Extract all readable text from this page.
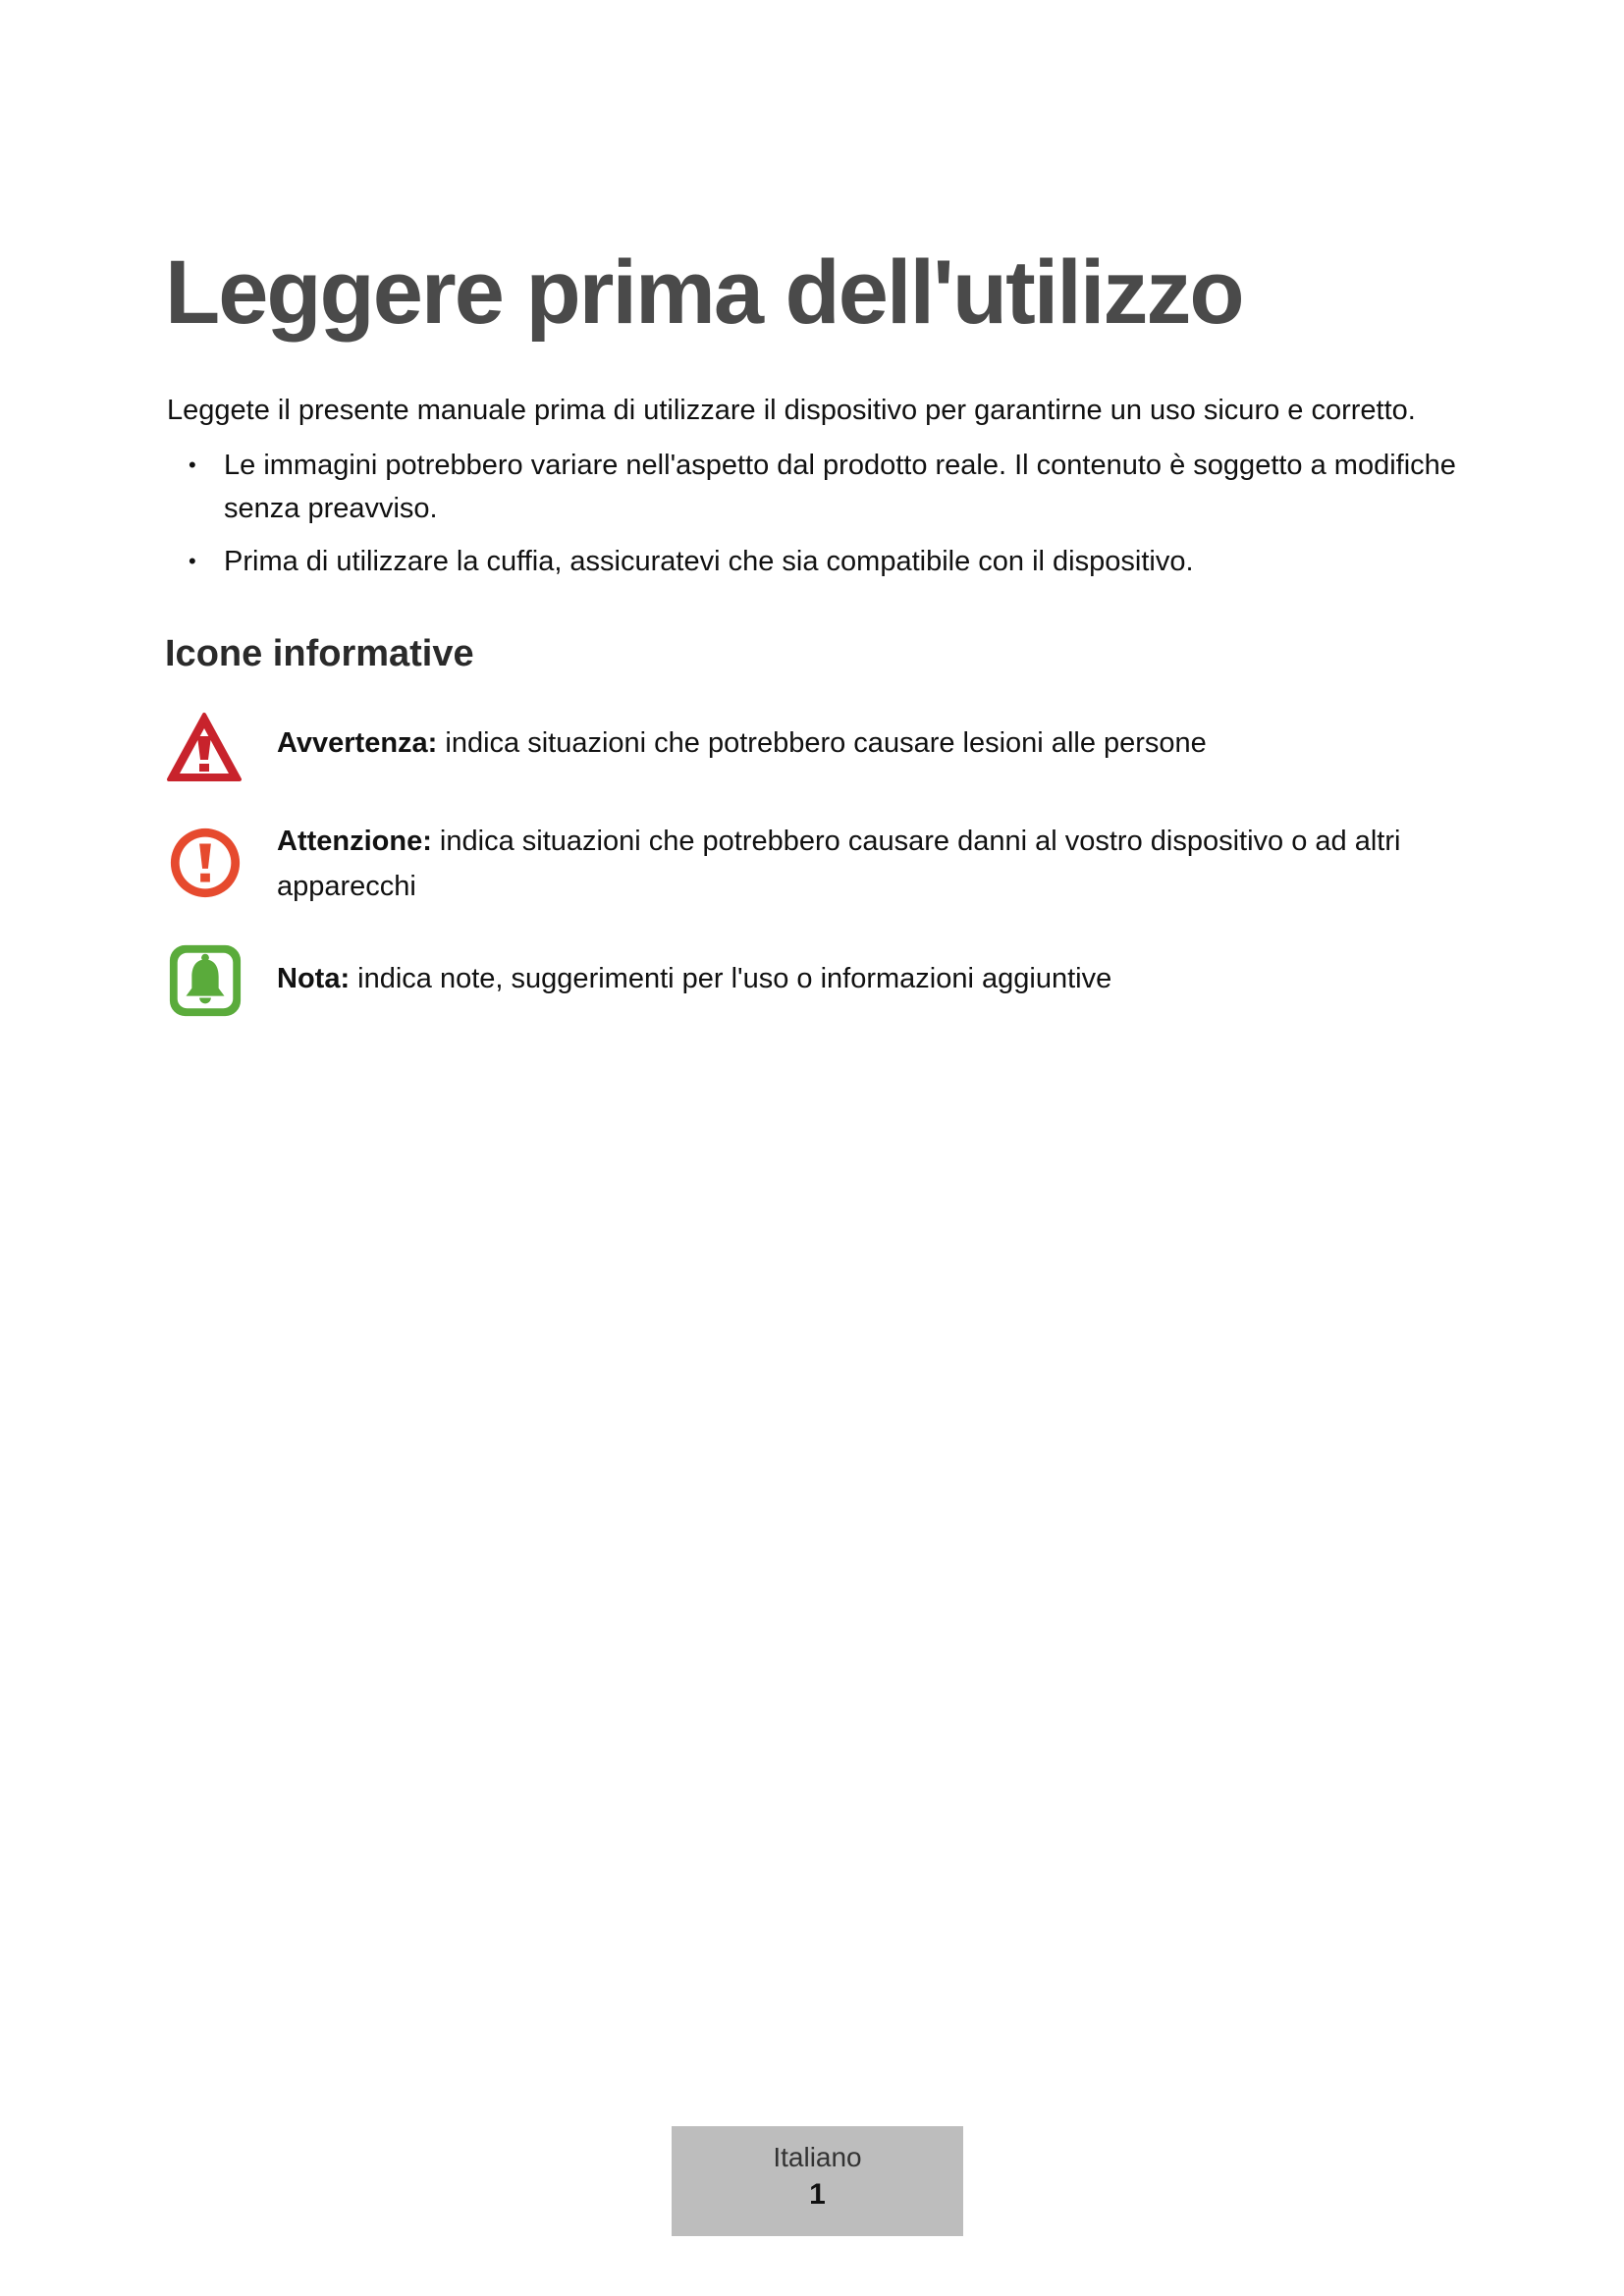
Leggere prima dell'utilizzo

Leggete il presente manuale prima di utilizzare il dispositivo per garantirne un uso sicuro e corretto.

• Le immagini potrebbero variare nell'aspetto dal prodotto reale. Il contenuto è soggetto a modifiche senza preavviso.
• Prima di utilizzare la cuffia, assicuratevi che sia compatibile con il dispositivo.
Icone informative
Avvertenza: indica situazioni che potrebbero causare lesioni alle persone
Attenzione: indica situazioni che potrebbero causare danni al vostro dispositivo o ad altri apparecchi
Nota: indica note, suggerimenti per l'uso o informazioni aggiuntive
Italiano
1
